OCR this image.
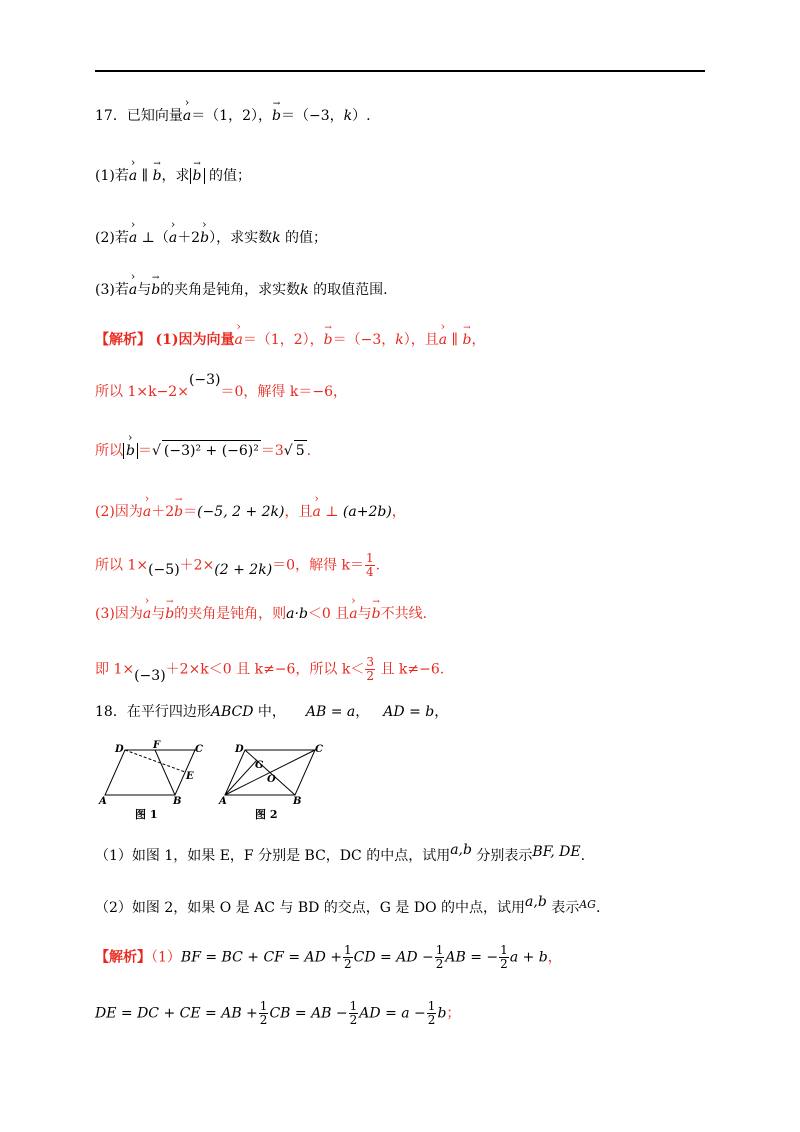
17．已知向量› a＝（1，2），→ b＝（−3，k）.
(1)若› a ∥ → b，求 → b 的值；
(2)若› a ⊥（› a＋2› b），求实数k 的值；
(3)若› a与→ b的夹角是钝角，求实数k 的取值范围.
【解析】 (1)因为向量› a＝（1，2），→ b＝（−3，k），且› a ∥ → b，
所以 1×k−2×(−3)＝0，解得 k＝−6，
所以 › b ＝√ (−3)² + (−6)² ＝3√ 5 .
(2)因为› a＋2→ b＝(−5, 2 + 2k)，且› a ⊥ (a+2b)，
所以 1×(−5)＋2×(2 + 2k)＝0，解得 $k= \frac{1}{4}$ .
(3)因为› a与→ b的夹角是钝角，则a·b＜0 且› a与→ b不共线.
即 1×(−3)＋2×k＜0 且 k≠−6，所以 $k< \frac{3}{2}$ 且 k≠−6.
18．在平行四边形ABCD 中， AB = a， AD = b，
D	F	C
E
A	B
图 1
D	C
G
O
A	B
图 2
（1）如图 1，如果 E，F 分别是 BC，DC 的中点，试用a,b 分别表示BF, DE.
（2）如图 2，如果 O 是 AC 与 BD 的交点，G 是 DO 的中点，试用a,b 表示$^{AG}$.
【解析】（1）BF = BC + CF = AD + $\frac{1}{2}$ CD = AD − $\frac{1}{2}$ AB = − $\frac{1}{2}$ a + b，
DE = DC + CE = AB + $\frac{1}{2}$ CB = AB − $\frac{1}{2}$ AD = $a - \frac{1}{2}$ b；
